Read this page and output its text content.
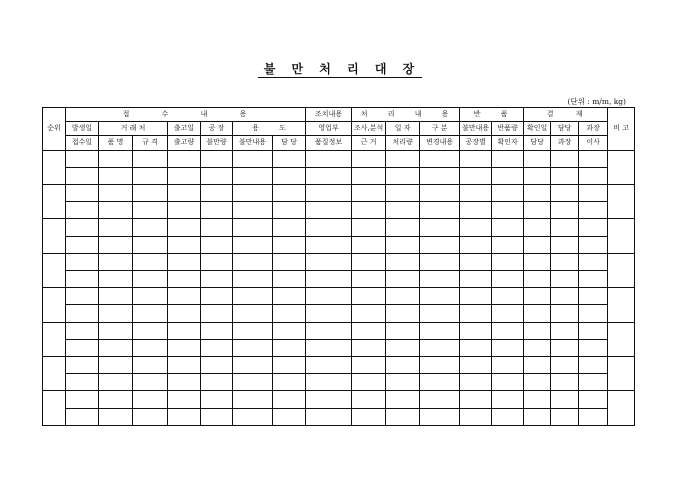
불 만 처 리 대 장
(단위 : m/m, kg)
순위	접 수 내 용							조치내용	처 리 내 용			반 품		결 재			비 고	
	발생일	거 래 처		출고일	공 장	용 도		영업부	조사,분석	일 자	구 분	불만내용	반품량	확인일	담당	과장	
	접수일	품 명	규 격	출고량	불만량	불만내용	담 당	품질정보	근 거	처리량	변경내용	공장별	확인자	담당	과장	이사		
